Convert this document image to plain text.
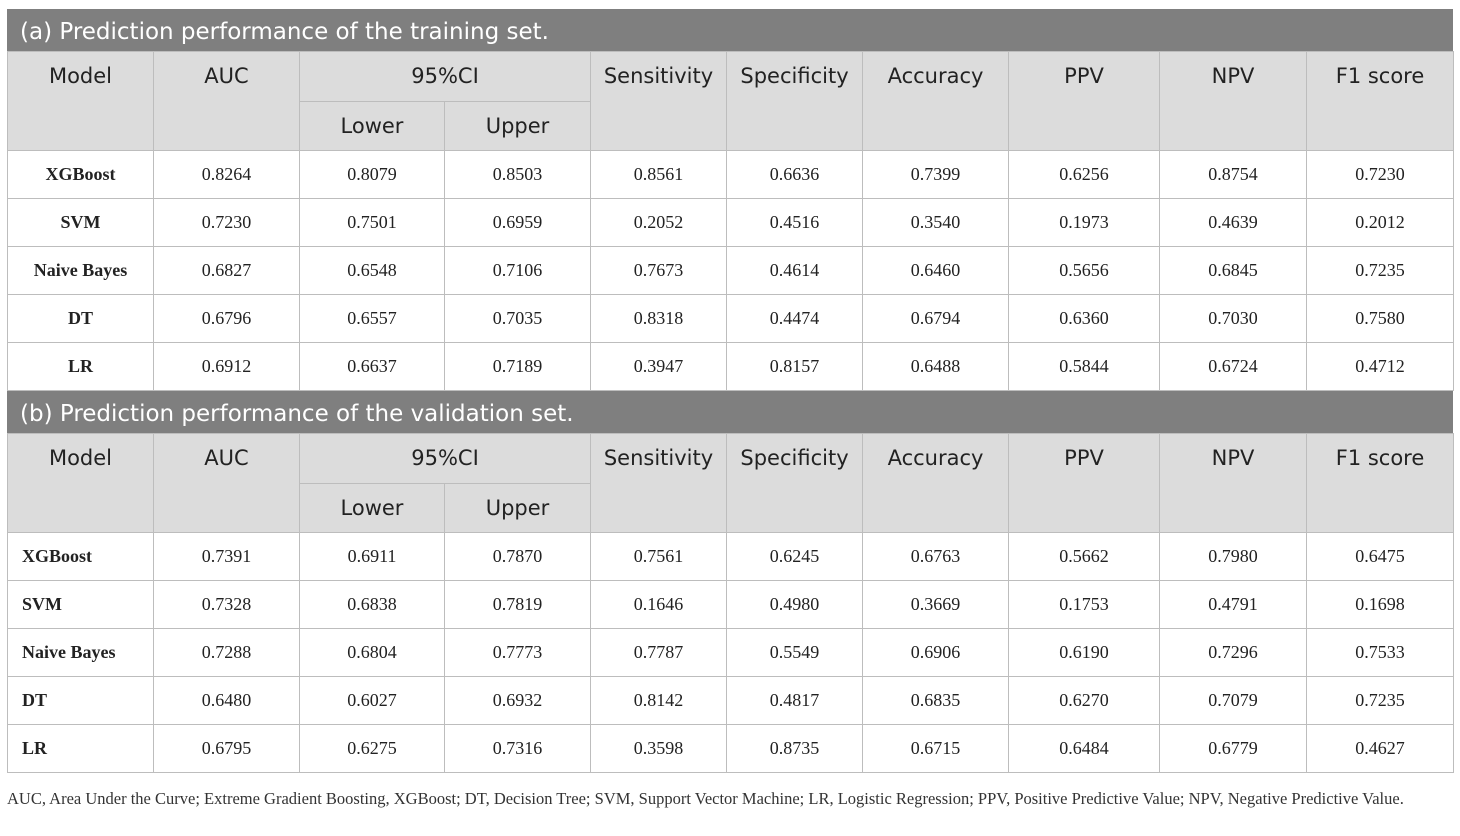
(a) Prediction performance of the training set.
Model	AUC	95%CI		Sensitivity	Specificity	Accuracy	PPV	NPV	F1 score
		Lower	Upper						
XGBoost	0.8264	0.8079	0.8503	0.8561	0.6636	0.7399	0.6256	0.8754	0.7230
SVM	0.7230	0.7501	0.6959	0.2052	0.4516	0.3540	0.1973	0.4639	0.2012
Naive Bayes	0.6827	0.6548	0.7106	0.7673	0.4614	0.6460	0.5656	0.6845	0.7235
DT	0.6796	0.6557	0.7035	0.8318	0.4474	0.6794	0.6360	0.7030	0.7580
LR	0.6912	0.6637	0.7189	0.3947	0.8157	0.6488	0.5844	0.6724	0.4712
(b) Prediction performance of the validation set.
Model	AUC	95%CI		Sensitivity	Specificity	Accuracy	PPV	NPV	F1 score
		Lower	Upper						
XGBoost	0.7391	0.6911	0.7870	0.7561	0.6245	0.6763	0.5662	0.7980	0.6475
SVM	0.7328	0.6838	0.7819	0.1646	0.4980	0.3669	0.1753	0.4791	0.1698
Naive Bayes	0.7288	0.6804	0.7773	0.7787	0.5549	0.6906	0.6190	0.7296	0.7533
DT	0.6480	0.6027	0.6932	0.8142	0.4817	0.6835	0.6270	0.7079	0.7235
LR	0.6795	0.6275	0.7316	0.3598	0.8735	0.6715	0.6484	0.6779	0.4627
AUC, Area Under the Curve; Extreme Gradient Boosting, XGBoost; DT, Decision Tree; SVM, Support Vector Machine; LR, Logistic Regression; PPV, Positive Predictive Value; NPV, Negative Predictive Value.
